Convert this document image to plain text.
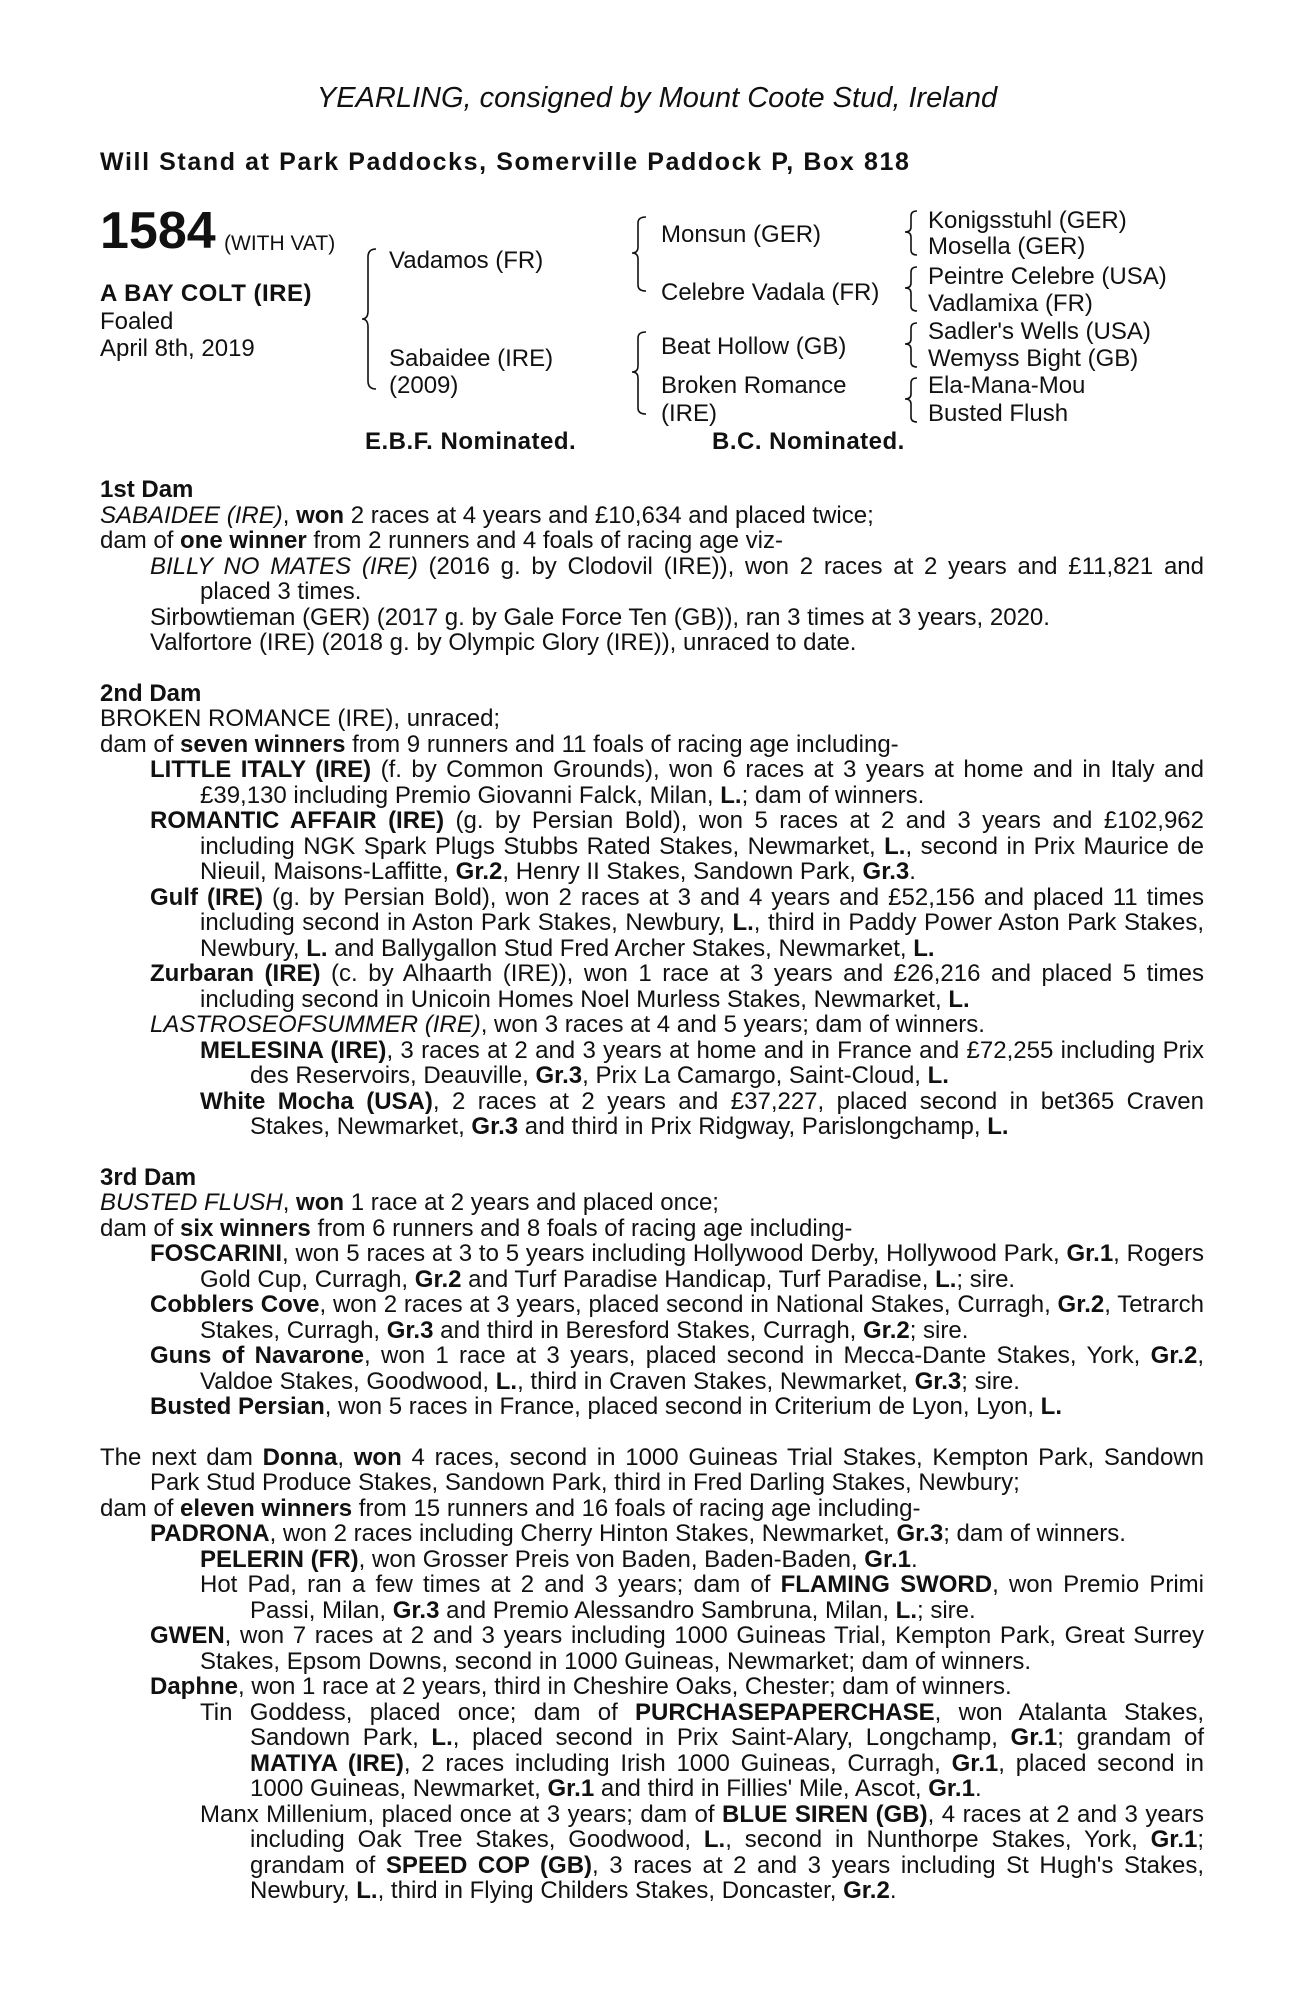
YEARLING, consigned by Mount Coote Stud, Ireland
Will Stand at Park Paddocks, Somerville Paddock P, Box 818
1584 (WITH VAT)
A BAY COLT (IRE)
Foaled
April 8th, 2019
Vadamos (FR)
Sabaidee (IRE)
(2009)
Monsun (GER)
Celebre Vadala (FR)
Beat Hollow (GB)
Broken Romance
(IRE)
Konigsstuhl (GER)
Mosella (GER)
Peintre Celebre (USA)
Vadlamixa (FR)
Sadler's Wells (USA)
Wemyss Bight (GB)
Ela-Mana-Mou
Busted Flush
E.B.F. Nominated.	B.C. Nominated.
1st Dam
SABAIDEE (IRE), won 2 races at 4 years and £10,634 and placed twice;
dam of one winner from 2 runners and 4 foals of racing age viz-
BILLY NO MATES (IRE) (2016 g. by Clodovil (IRE)), won 2 races at 2 years and £11,821 and placed 3 times.
Sirbowtieman (GER) (2017 g. by Gale Force Ten (GB)), ran 3 times at 3 years, 2020.
Valfortore (IRE) (2018 g. by Olympic Glory (IRE)), unraced to date.
2nd Dam
BROKEN ROMANCE (IRE), unraced;
dam of seven winners from 9 runners and 11 foals of racing age including-
LITTLE ITALY (IRE) (f. by Common Grounds), won 6 races at 3 years at home and in Italy and £39,130 including Premio Giovanni Falck, Milan, L.; dam of winners.
ROMANTIC AFFAIR (IRE) (g. by Persian Bold), won 5 races at 2 and 3 years and £102,962 including NGK Spark Plugs Stubbs Rated Stakes, Newmarket, L., second in Prix Maurice de Nieuil, Maisons-Laffitte, Gr.2, Henry II Stakes, Sandown Park, Gr.3.
Gulf (IRE) (g. by Persian Bold), won 2 races at 3 and 4 years and £52,156 and placed 11 times including second in Aston Park Stakes, Newbury, L., third in Paddy Power Aston Park Stakes, Newbury, L. and Ballygallon Stud Fred Archer Stakes, Newmarket, L.
Zurbaran (IRE) (c. by Alhaarth (IRE)), won 1 race at 3 years and £26,216 and placed 5 times including second in Unicoin Homes Noel Murless Stakes, Newmarket, L.
LASTROSEOFSUMMER (IRE), won 3 races at 4 and 5 years; dam of winners.
MELESINA (IRE), 3 races at 2 and 3 years at home and in France and £72,255 including Prix des Reservoirs, Deauville, Gr.3, Prix La Camargo, Saint-Cloud, L.
White Mocha (USA), 2 races at 2 years and £37,227, placed second in bet365 Craven Stakes, Newmarket, Gr.3 and third in Prix Ridgway, Parislongchamp, L.
3rd Dam
BUSTED FLUSH, won 1 race at 2 years and placed once;
dam of six winners from 6 runners and 8 foals of racing age including-
FOSCARINI, won 5 races at 3 to 5 years including Hollywood Derby, Hollywood Park, Gr.1, Rogers Gold Cup, Curragh, Gr.2 and Turf Paradise Handicap, Turf Paradise, L.; sire.
Cobblers Cove, won 2 races at 3 years, placed second in National Stakes, Curragh, Gr.2, Tetrarch Stakes, Curragh, Gr.3 and third in Beresford Stakes, Curragh, Gr.2; sire.
Guns of Navarone, won 1 race at 3 years, placed second in Mecca-Dante Stakes, York, Gr.2, Valdoe Stakes, Goodwood, L., third in Craven Stakes, Newmarket, Gr.3; sire.
Busted Persian, won 5 races in France, placed second in Criterium de Lyon, Lyon, L.
The next dam Donna, won 4 races, second in 1000 Guineas Trial Stakes, Kempton Park, Sandown Park Stud Produce Stakes, Sandown Park, third in Fred Darling Stakes, Newbury;
dam of eleven winners from 15 runners and 16 foals of racing age including-
PADRONA, won 2 races including Cherry Hinton Stakes, Newmarket, Gr.3; dam of winners.
PELERIN (FR), won Grosser Preis von Baden, Baden-Baden, Gr.1.
Hot Pad, ran a few times at 2 and 3 years; dam of FLAMING SWORD, won Premio Primi Passi, Milan, Gr.3 and Premio Alessandro Sambruna, Milan, L.; sire.
GWEN, won 7 races at 2 and 3 years including 1000 Guineas Trial, Kempton Park, Great Surrey Stakes, Epsom Downs, second in 1000 Guineas, Newmarket; dam of winners.
Daphne, won 1 race at 2 years, third in Cheshire Oaks, Chester; dam of winners.
Tin Goddess, placed once; dam of PURCHASEPAPERCHASE, won Atalanta Stakes, Sandown Park, L., placed second in Prix Saint-Alary, Longchamp, Gr.1; grandam of MATIYA (IRE), 2 races including Irish 1000 Guineas, Curragh, Gr.1, placed second in 1000 Guineas, Newmarket, Gr.1 and third in Fillies' Mile, Ascot, Gr.1.
Manx Millenium, placed once at 3 years; dam of BLUE SIREN (GB), 4 races at 2 and 3 years including Oak Tree Stakes, Goodwood, L., second in Nunthorpe Stakes, York, Gr.1; grandam of SPEED COP (GB), 3 races at 2 and 3 years including St Hugh's Stakes, Newbury, L., third in Flying Childers Stakes, Doncaster, Gr.2.
